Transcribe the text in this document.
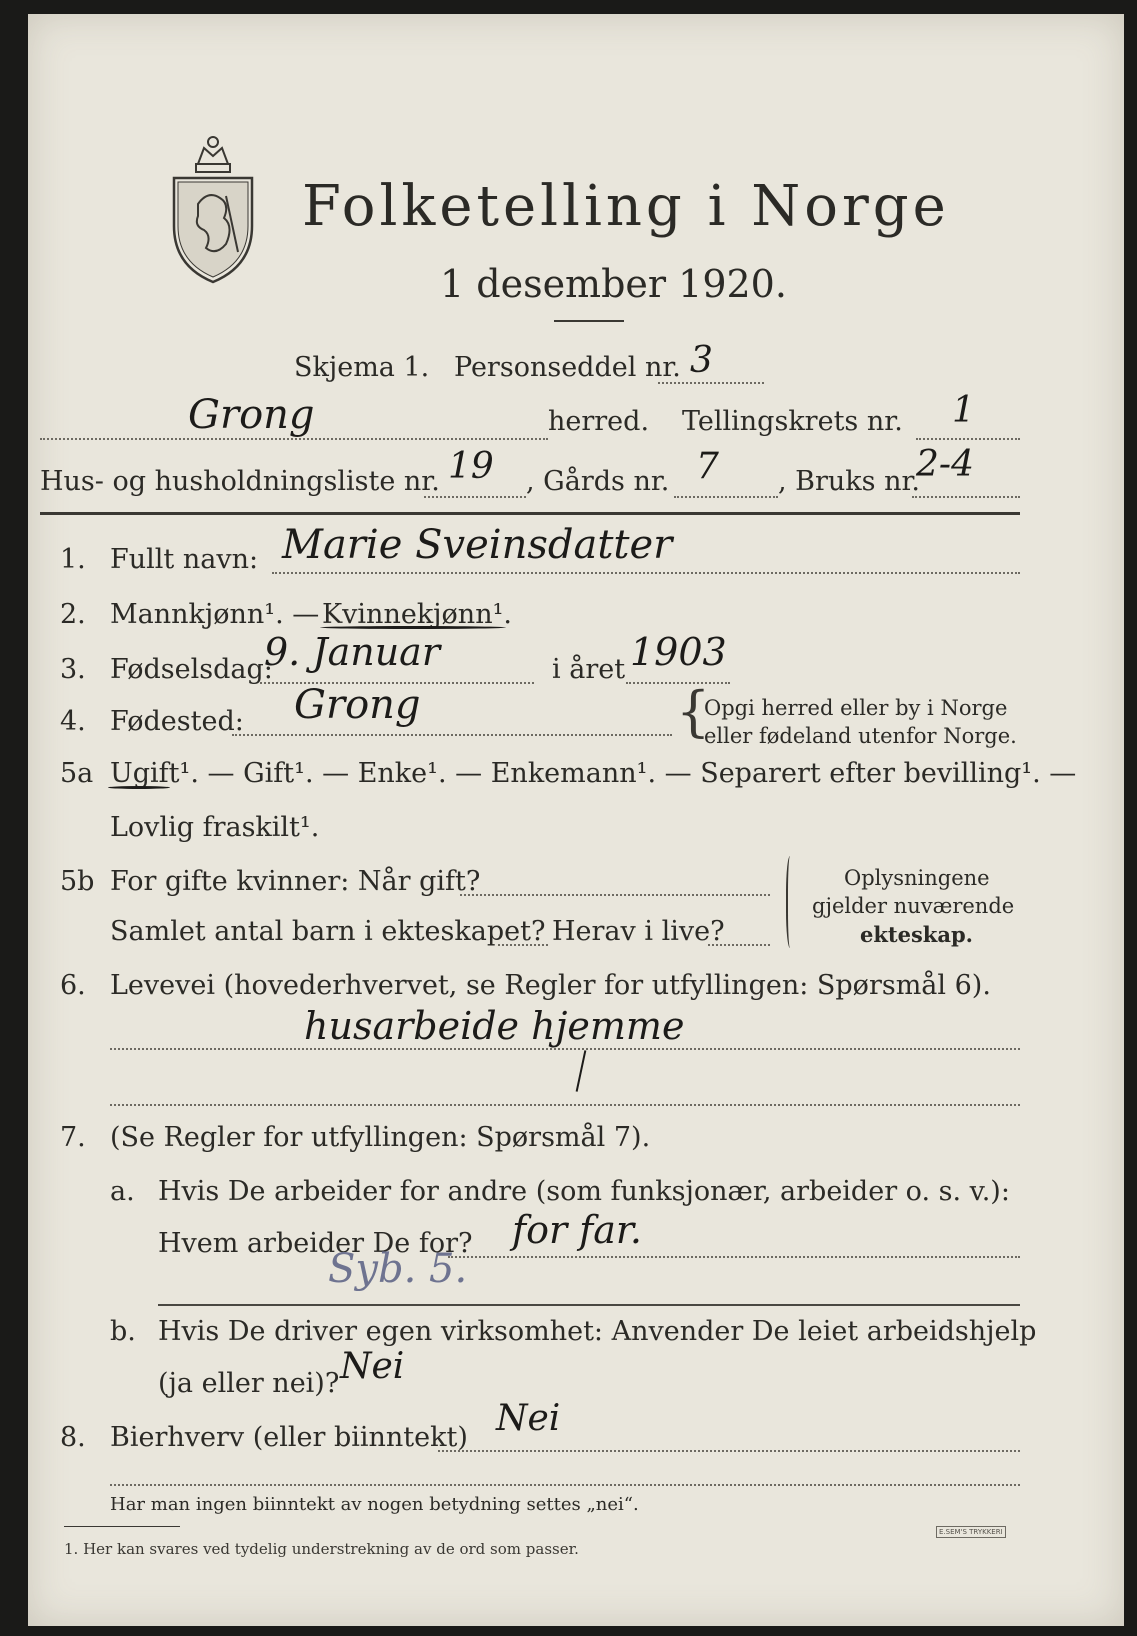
Folketelling i Norge
1 desember 1920.
Skjema 1. Personseddel nr. 3
Grong	herred. Tellingskrets nr. 1
Hus- og husholdningsliste nr. 19 , Gårds nr. 7 , Bruks nr.
2-4
1. Fullt navn: Marie Sveinsdatter
2. Mannkjønn¹. — Kvinnekjønn¹.
3. Fødselsdag:
9. Januar	i året 1903
4. Fødested: Grong	{
Opgi herred eller by i Norge
eller fødeland utenfor Norge.
5a Ugift¹. — Gift¹. — Enke¹. — Enkemann¹. — Separert efter bevilling¹. —
Lovlig fraskilt¹.
5b For gifte kvinner: Når gift?
Samlet antal barn i ekteskapet? Herav i live?
Oplysningene
gjelder nuværende
ekteskap.
6. Levevei (hovederhvervet, se Regler for utfyllingen: Spørsmål 6).
husarbeide hjemme
7. (Se Regler for utfyllingen: Spørsmål 7).
a. Hvis De arbeider for andre (som funksjonær, arbeider o. s. v.):
Hvem arbeider De for? for far.
Syb. 5.
b. Hvis De driver egen virksomhet: Anvender De leiet arbeidshjelp
(ja eller nei)? Nei
8. Bierhverv (eller biinntekt) Nei
Har man ingen biinntekt av nogen betydning settes „nei“.
1. Her kan svares ved tydelig understrekning av de ord som passer.
E.SEM'S TRYKKERI
